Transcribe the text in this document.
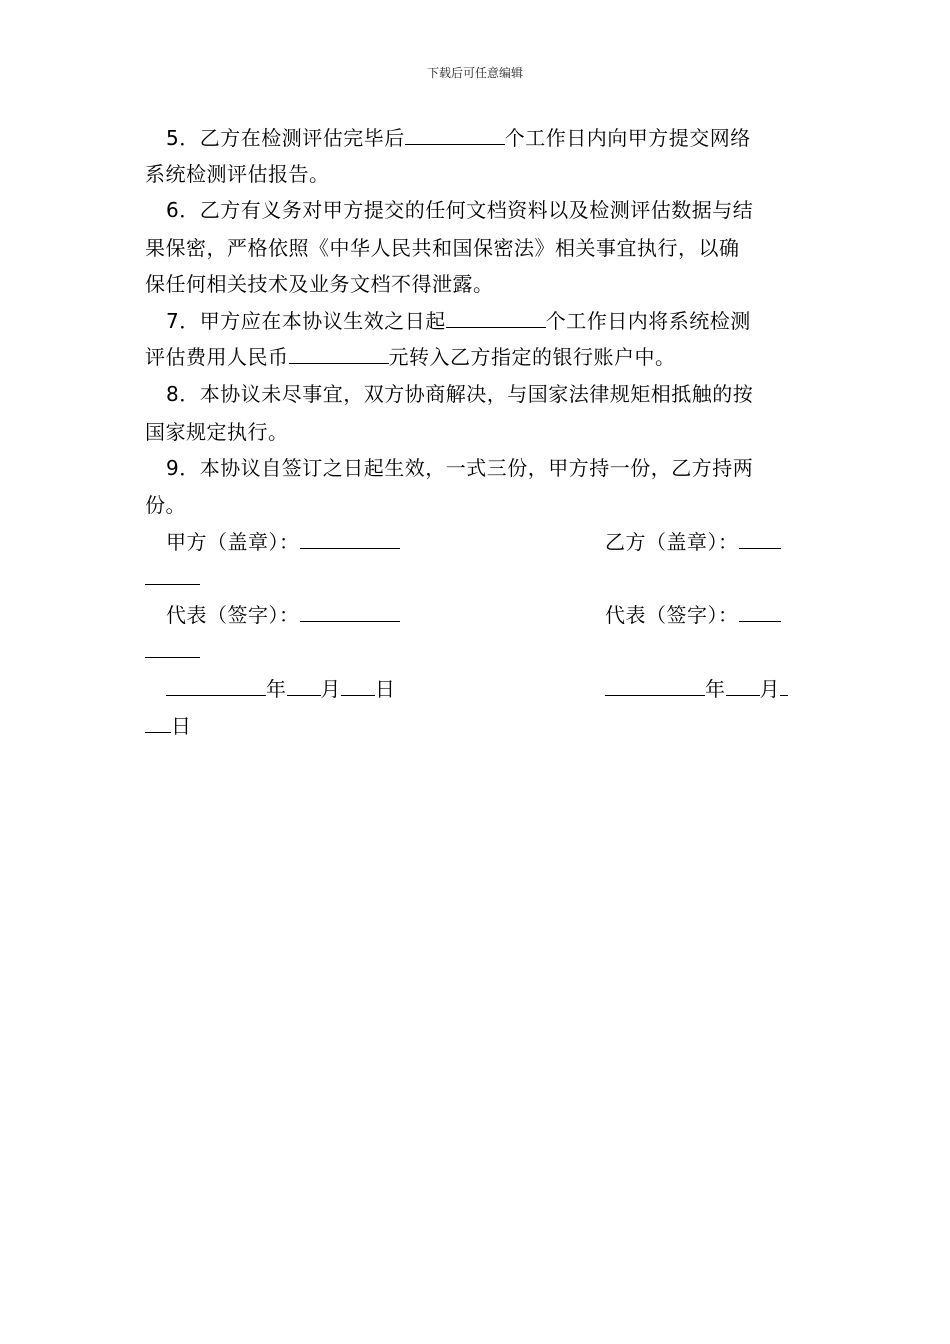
下载后可任意编辑
5．乙方在检测评估完毕后	个工作日内向甲方提交网络
系统检测评估报告。
6．乙方有义务对甲方提交的任何文档资料以及检测评估数据与结
果保密，严格依照《中华人民共和国保密法》相关事宜执行，以确
保任何相关技术及业务文档不得泄露。
7．甲方应在本协议生效之日起	个工作日内将系统检测
评估费用人民币	元转入乙方指定的银行账户中。
8．本协议未尽事宜，双方协商解决，与国家法律规矩相抵触的按
国家规定执行。
9．本协议自签订之日起生效，一式三份，甲方持一份，乙方持两
份。
甲方（盖章）：	乙方（盖章）：
代表（签字）：	代表（签字）：
年 月 日	年 月
日
